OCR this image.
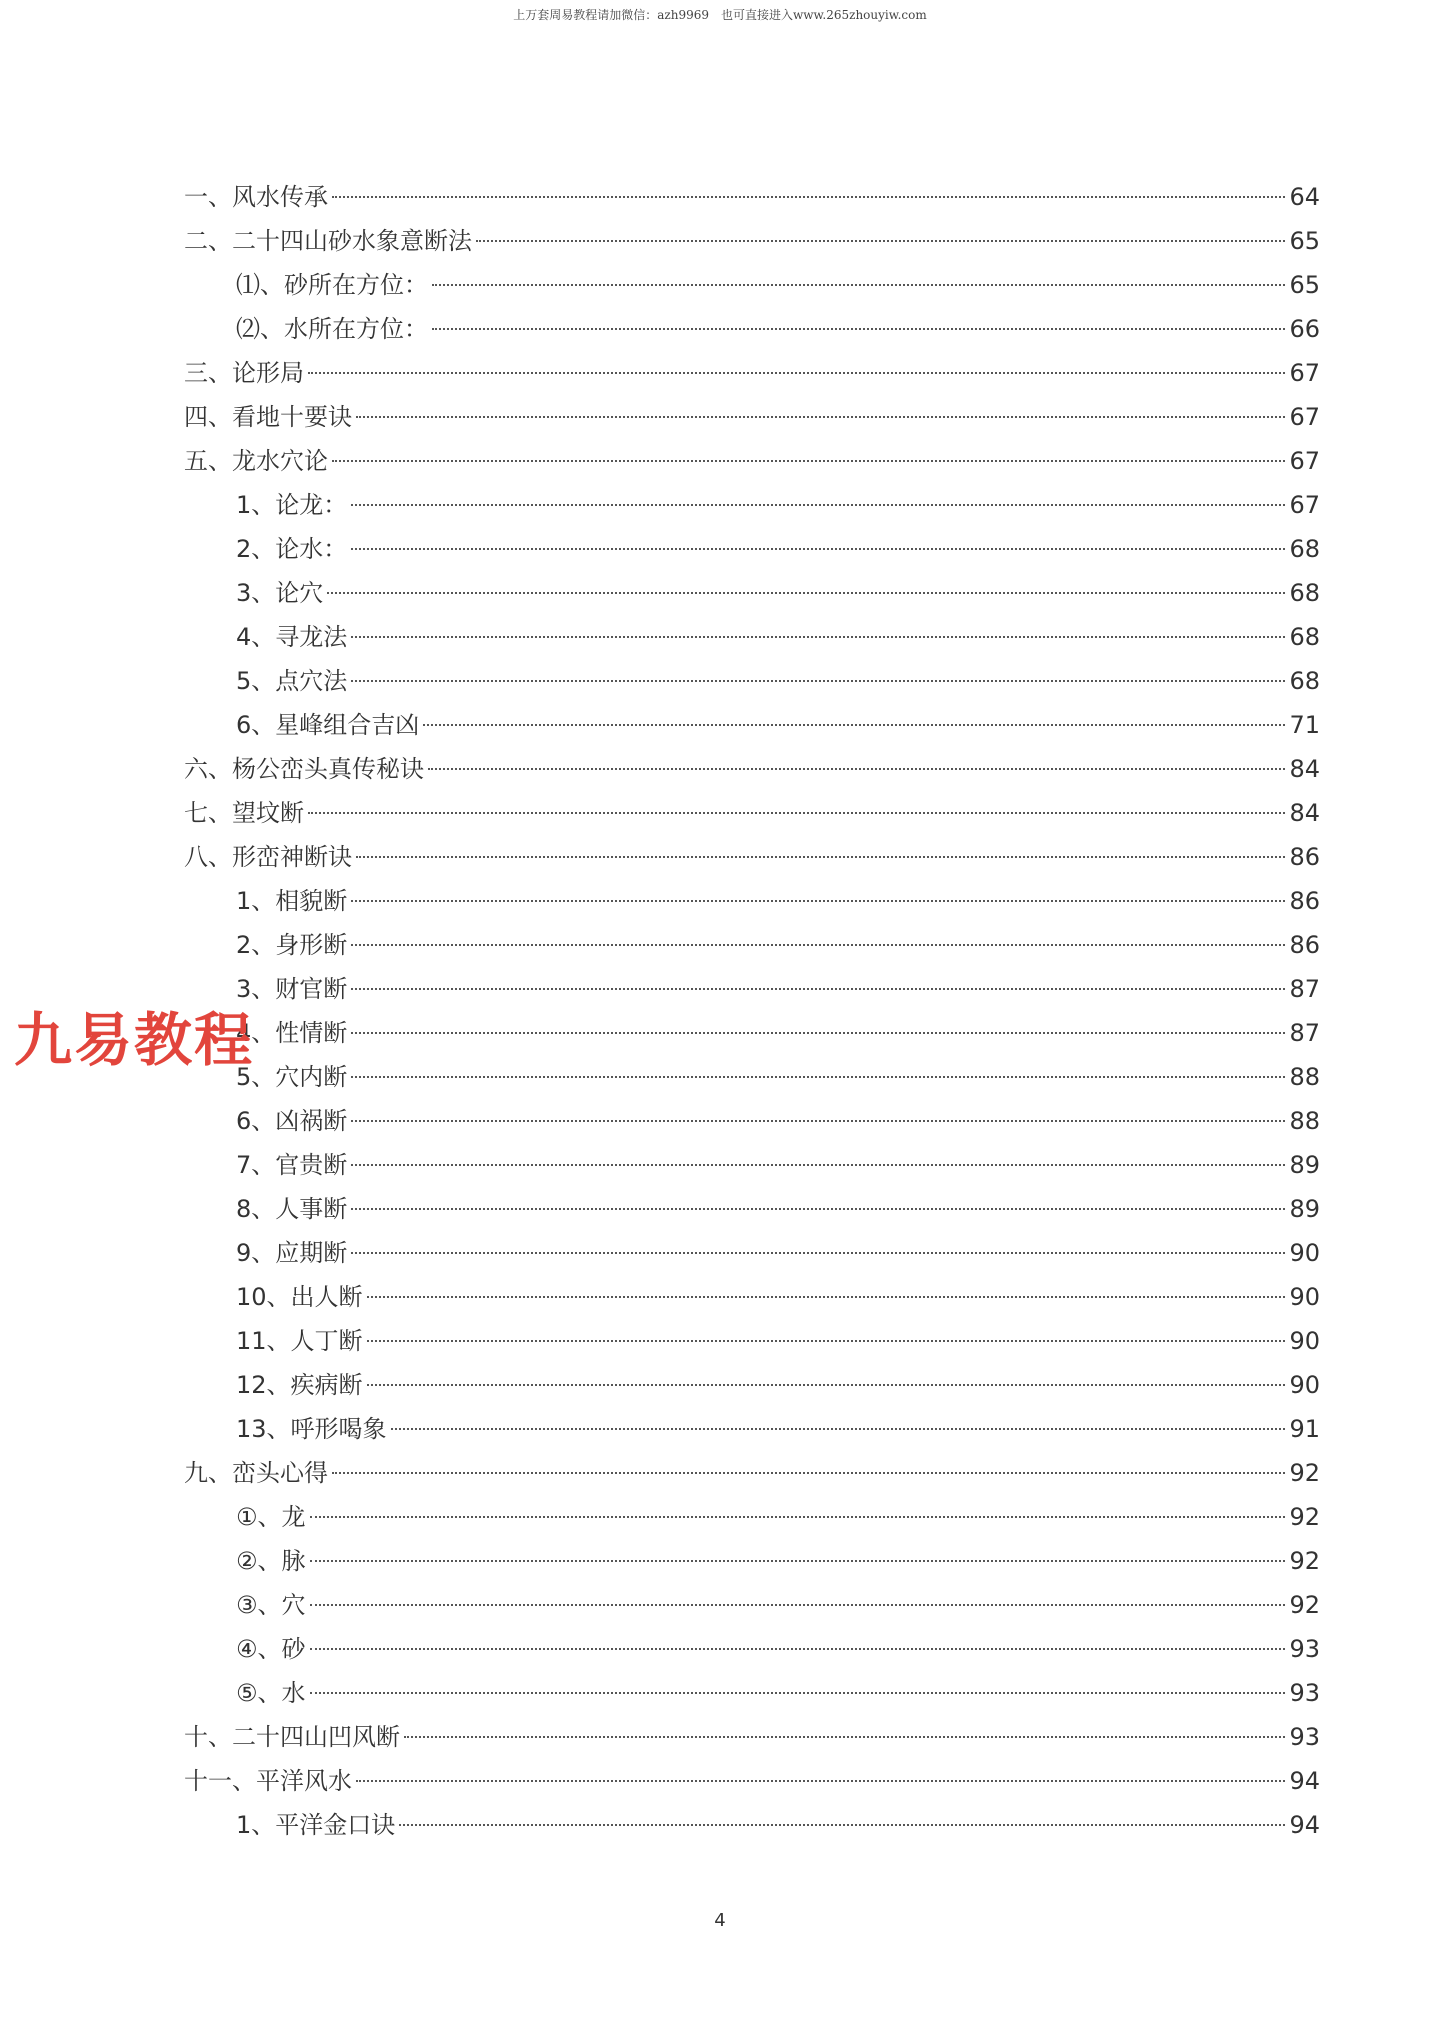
上万套周易教程请加微信：azh9969　也可直接进入www.265zhouyiw.com
一、风水传承	64
二、二十四山砂水象意断法	65
⑴、砂所在方位：	65
⑵、水所在方位：	66
三、论形局	67
四、看地十要诀	67
五、龙水穴论	67
1、论龙：	67
2、论水：	68
3、论穴	68
4、寻龙法	68
5、点穴法	68
6、星峰组合吉凶	71
六、杨公峦头真传秘诀	84
七、望坟断	84
八、形峦神断诀	86
1、相貌断	86
2、身形断	86
3、财官断	87
4、性情断	87
5、穴内断	88
6、凶祸断	88
7、官贵断	89
8、人事断	89
9、应期断	90
10、出人断	90
11、人丁断	90
12、疾病断	90
13、呼形喝象	91
九、峦头心得	92
①、龙	92
②、脉	92
③、穴	92
④、砂	93
⑤、水	93
十、二十四山凹风断	93
十一、平洋风水	94
1、平洋金口诀	94
九易教程
4
